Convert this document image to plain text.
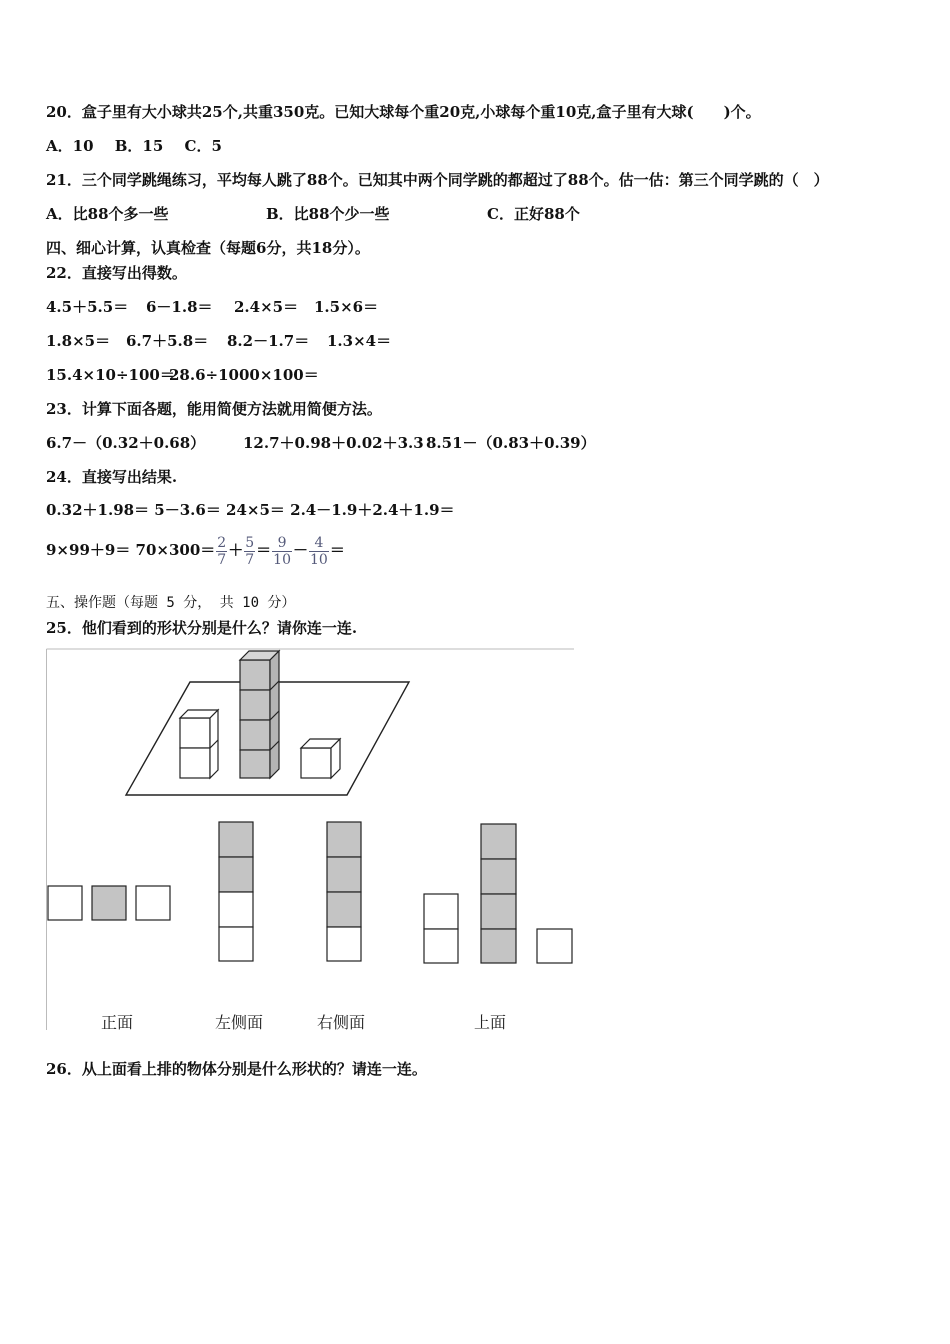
20．盒子里有大小球共25个,共重350克。已知大球每个重20克,小球每个重10克,盒子里有大球(　　)个。
A．10 B．15 C．5
21．三个同学跳绳练习，平均每人跳了88个。已知其中两个同学跳的都超过了88个。估一估：第三个同学跳的（　）
A．比88个多一些	B．比88个少一些	C．正好88个
四、细心计算，认真检查（每题6分，共18分）。
22．直接写出得数。
4.5＋5.5＝ 6－1.8＝ 2.4×5＝ 1.5×6＝
1.8×5＝ 6.7＋5.8＝ 8.2－1.7＝ 1.3×4＝
15.4×10÷100＝
28.6÷1000×100＝
23．计算下面各题，能用简便方法就用简便方法。
6.7－（0.32＋0.68）	12.7＋0.98＋0.02＋3.3 8.51－（0.83＋0.39）
24．直接写出结果.
0.32＋1.98＝ 5－3.6＝ 24×5＝ 2.4－1.9＋2.4＋1.9＝
$9\times 99+9= 70\times 300= \frac{2}{7} + \frac{5}{7} = \frac{9}{10} - \frac{4}{10}$ ＝
五、操作题（每题 5 分， 共 10 分）
25．他们看到的形状分别是什么？请你连一连.
正面	左侧面	右侧面	上面
26．从上面看上排的物体分别是什么形状的？请连一连。
